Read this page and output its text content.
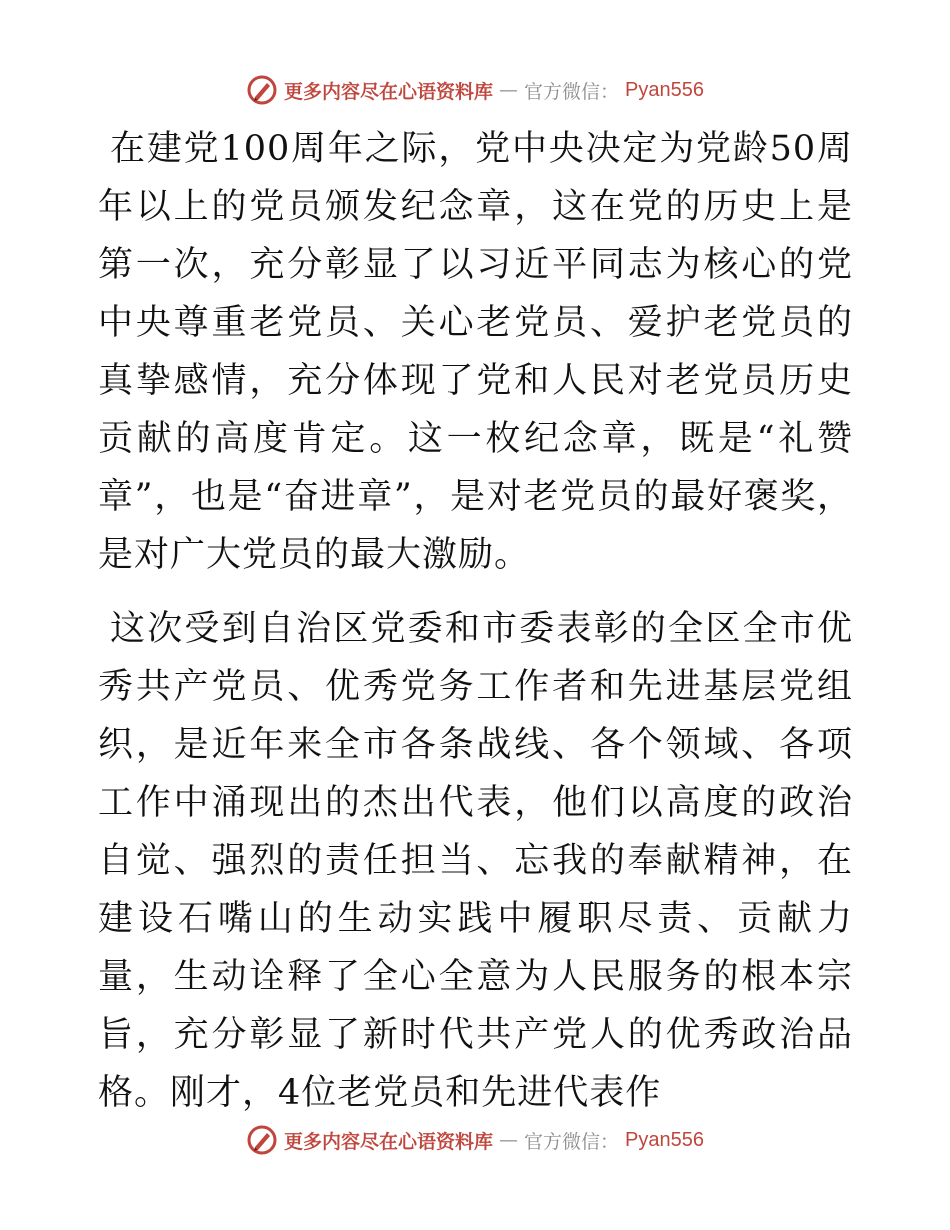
更多内容尽在心语资料库 — 官方微信： Pyan556

在建党100周年之际，党中央决定为党龄50周年以上的党员颁发纪念章，这在党的历史上是第一次，充分彰显了以习近平同志为核心的党中央尊重老党员、关心老党员、爱护老党员的真挚感情，充分体现了党和人民对老党员历史贡献的高度肯定。这一枚纪念章，既是“礼赞章”，也是“奋进章”，是对老党员的最好褒奖，是对广大党员的最大激励。

这次受到自治区党委和市委表彰的全区全市优秀共产党员、优秀党务工作者和先进基层党组织，是近年来全市各条战线、各个领域、各项工作中涌现出的杰出代表，他们以高度的政治自觉、强烈的责任担当、忘我的奉献精神，在建设石嘴山的生动实践中履职尽责、贡献力量，生动诠释了全心全意为人民服务的根本宗旨，充分彰显了新时代共产党人的优秀政治品格。刚才，4位老党员和先进代表作

更多内容尽在心语资料库 — 官方微信： Pyan556
